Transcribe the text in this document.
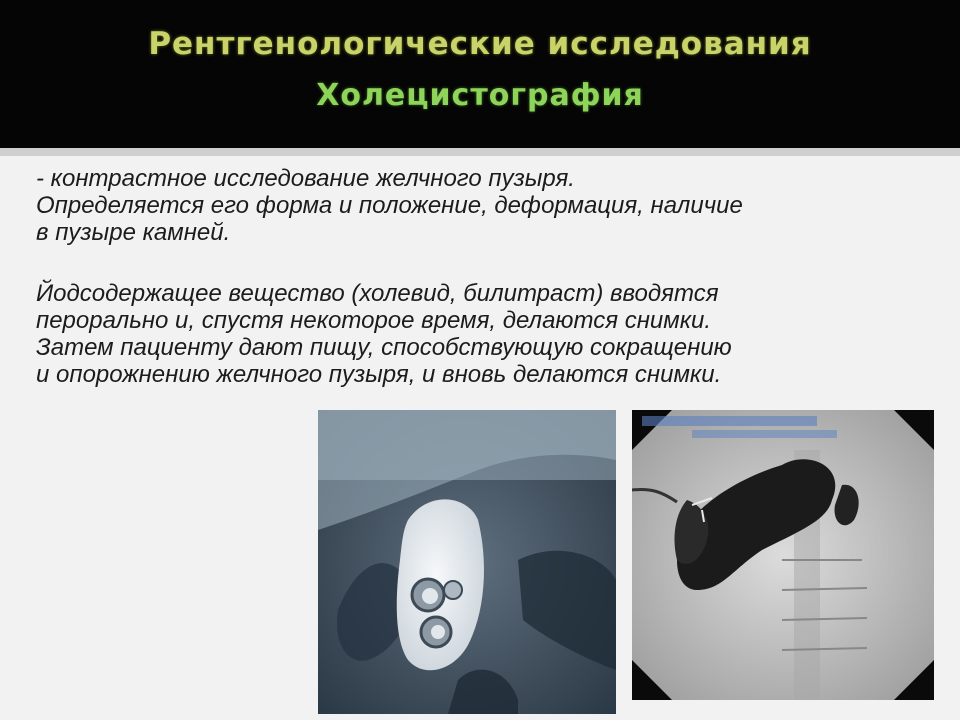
Рентгенологические исследования
Холецистография
- контрастное исследование желчного пузыря.
Определяется его форма и положение, деформация, наличие
в пузыре камней.
Йодсодержащее вещество (холевид, билитраст) вводятся
перорально и, спустя некоторое время, делаются снимки.
Затем пациенту дают пищу, способствующую сокращению
и опорожнению желчного пузыря, и вновь делаются снимки.
